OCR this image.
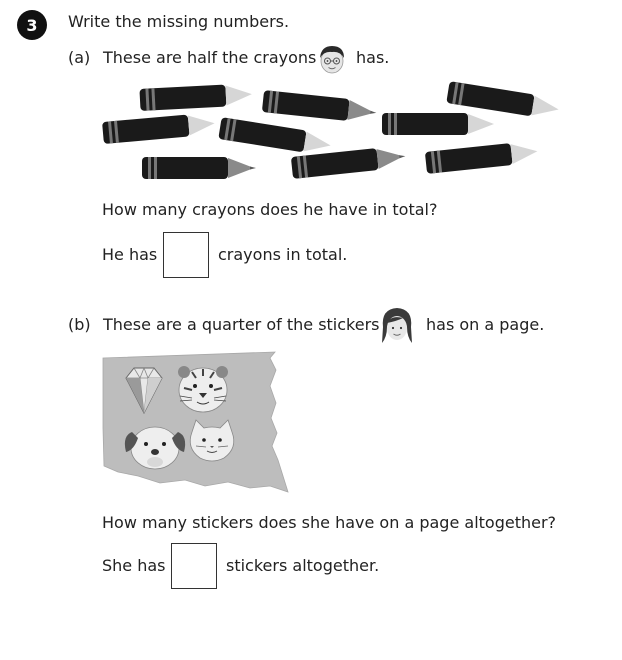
3	Write the missing numbers.
(a) These are half the crayons has.
How many crayons does he have in total?
He has	crayons in total.
(b) These are a quarter of the stickers	has on a page.
How many stickers does she have on a page altogether?
She has	stickers altogether.
